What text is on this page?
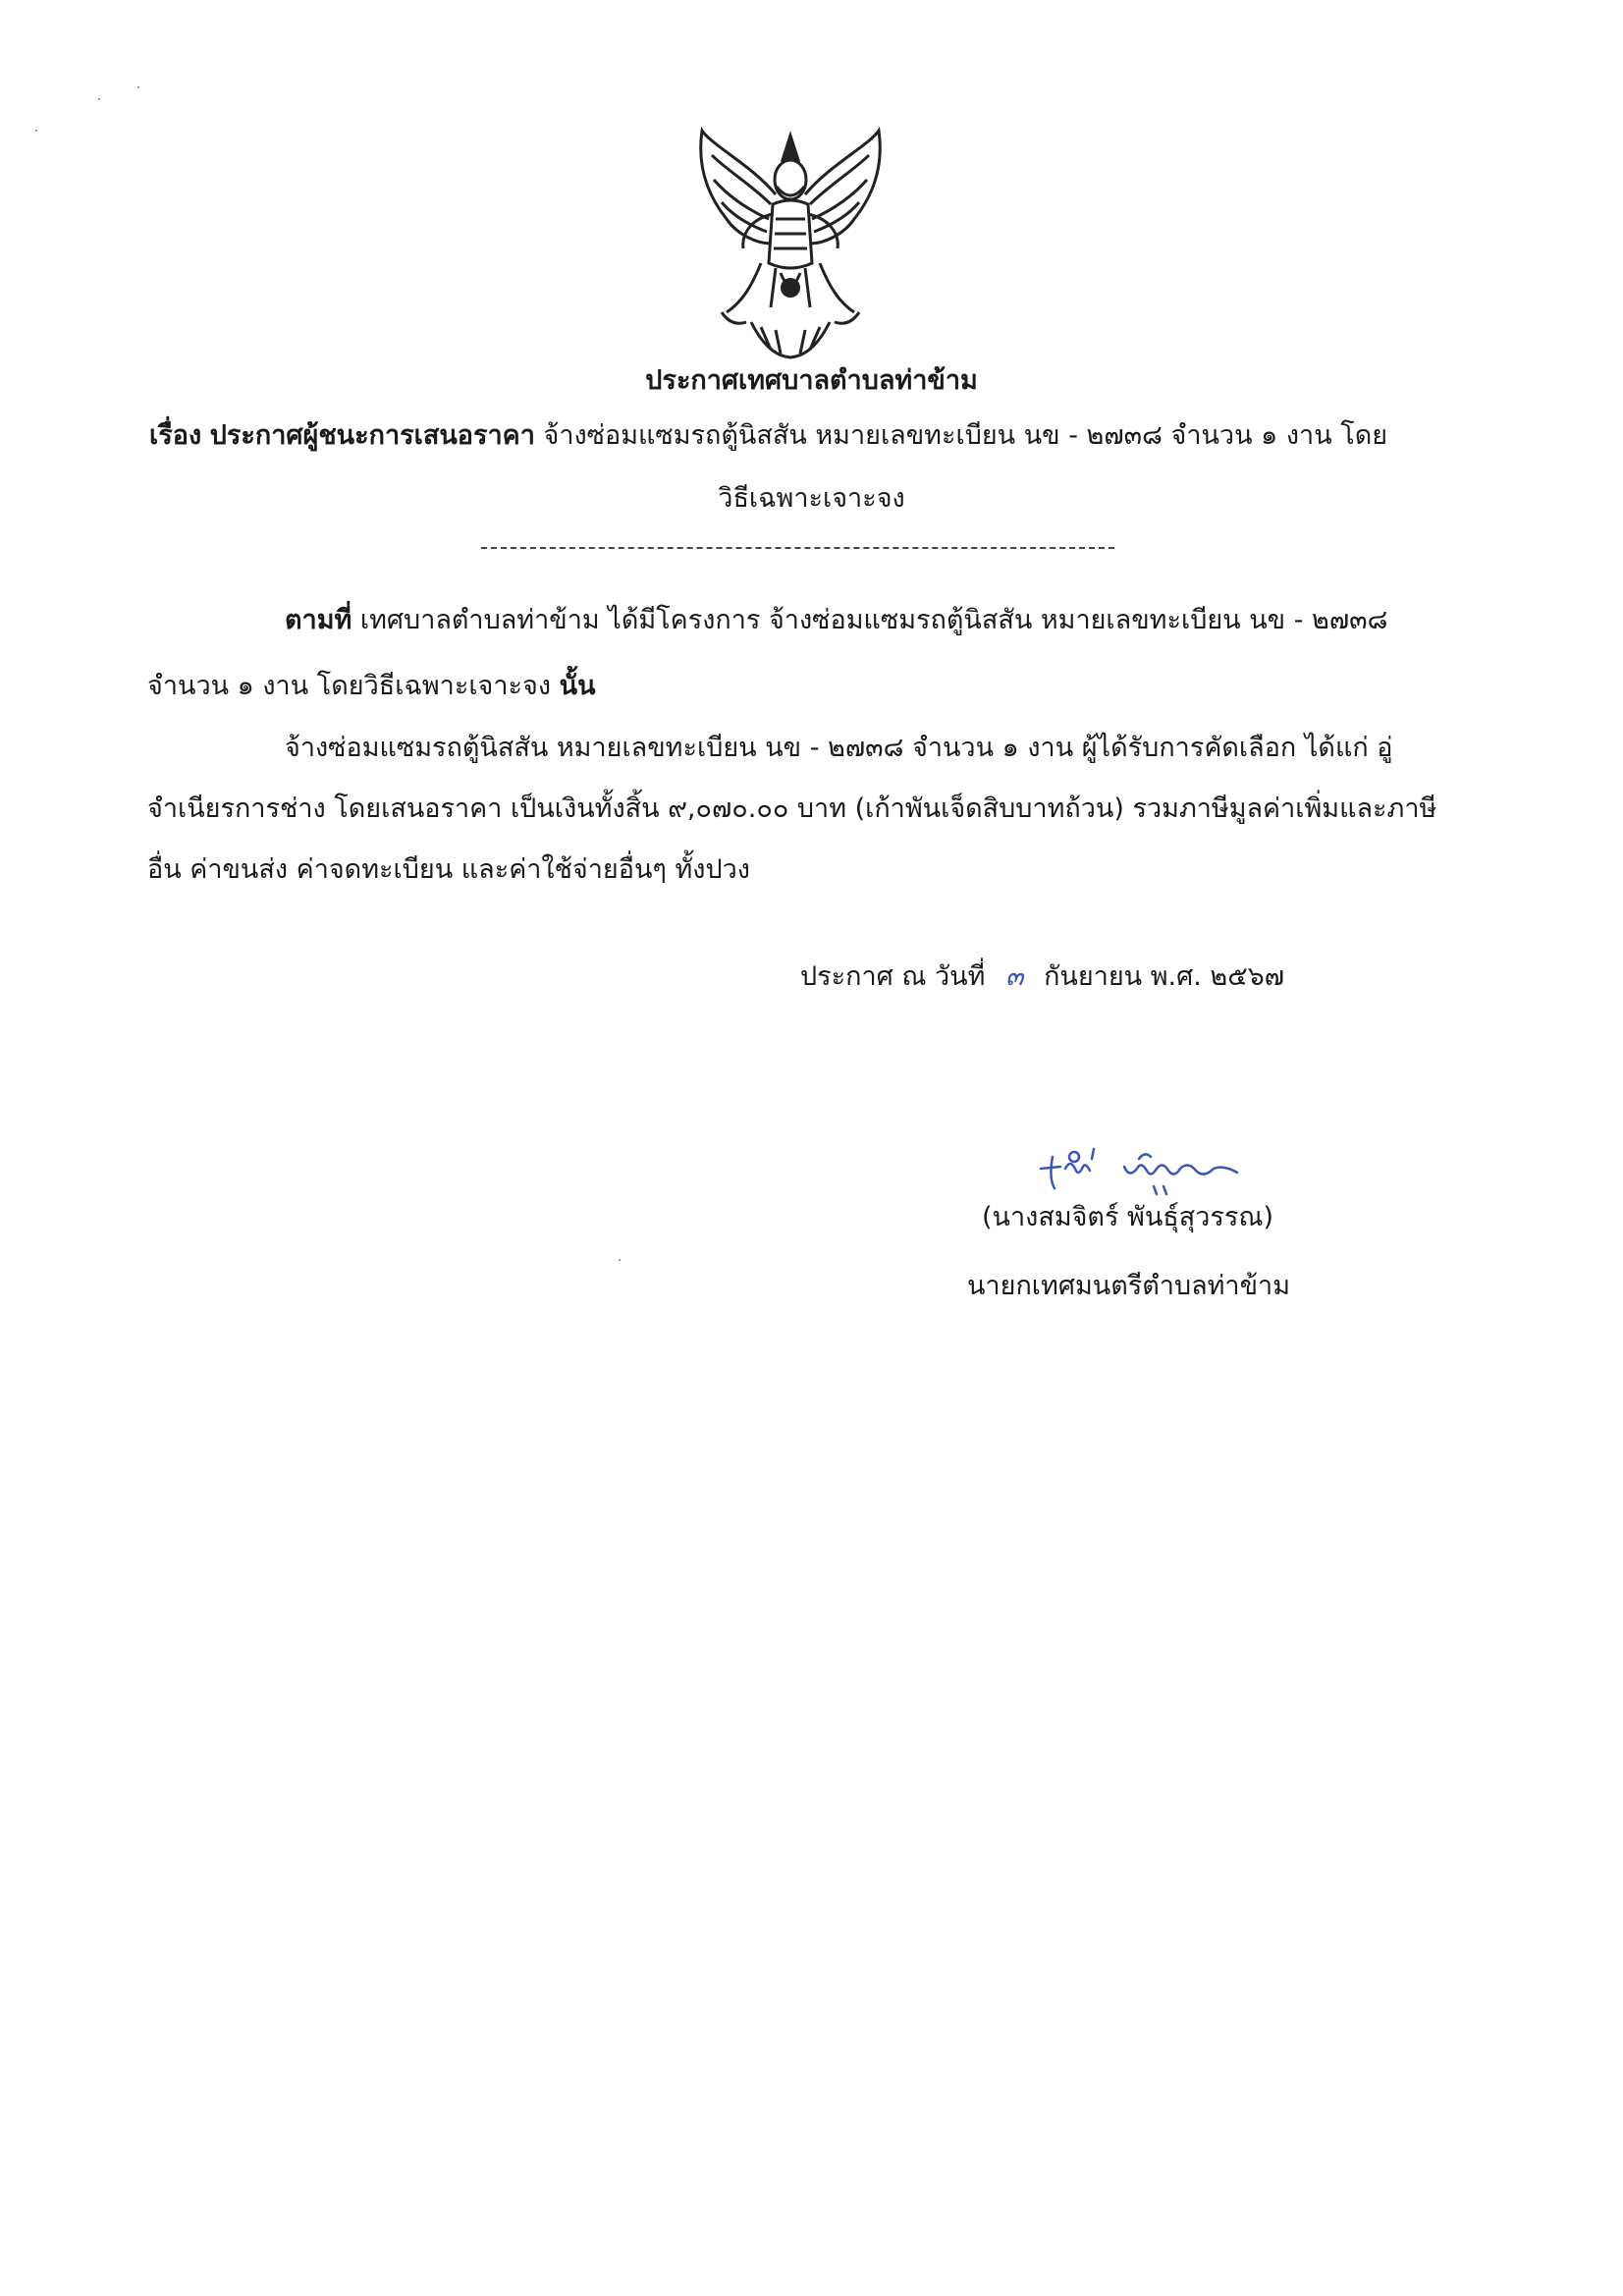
ประกาศเทศบาลตำบลท่าข้าม
เรื่อง ประกาศผู้ชนะการเสนอราคา จ้างซ่อมแซมรถตู้นิสสัน หมายเลขทะเบียน นข - ๒๗๓๘ จำนวน ๑ งาน โดย
วิธีเฉพาะเจาะจง
ตามที่ เทศบาลตำบลท่าข้าม ได้มีโครงการ จ้างซ่อมแซมรถตู้นิสสัน หมายเลขทะเบียน นข - ๒๗๓๘
จำนวน ๑ งาน โดยวิธีเฉพาะเจาะจง นั้น
จ้างซ่อมแซมรถตู้นิสสัน หมายเลขทะเบียน นข - ๒๗๓๘ จำนวน ๑ งาน ผู้ได้รับการคัดเลือก ได้แก่ อู่
จำเนียรการช่าง โดยเสนอราคา เป็นเงินทั้งสิ้น ๙,๐๗๐.๐๐ บาท (เก้าพันเจ็ดสิบบาทถ้วน) รวมภาษีมูลค่าเพิ่มและภาษี
อื่น ค่าขนส่ง ค่าจดทะเบียน และค่าใช้จ่ายอื่นๆ ทั้งปวง
ประกาศ ณ วันที่ ๓ กันยายน พ.ศ. ๒๕๖๗
(นางสมจิตร์ พันธุ์สุวรรณ)
นายกเทศมนตรีตำบลท่าข้าม
